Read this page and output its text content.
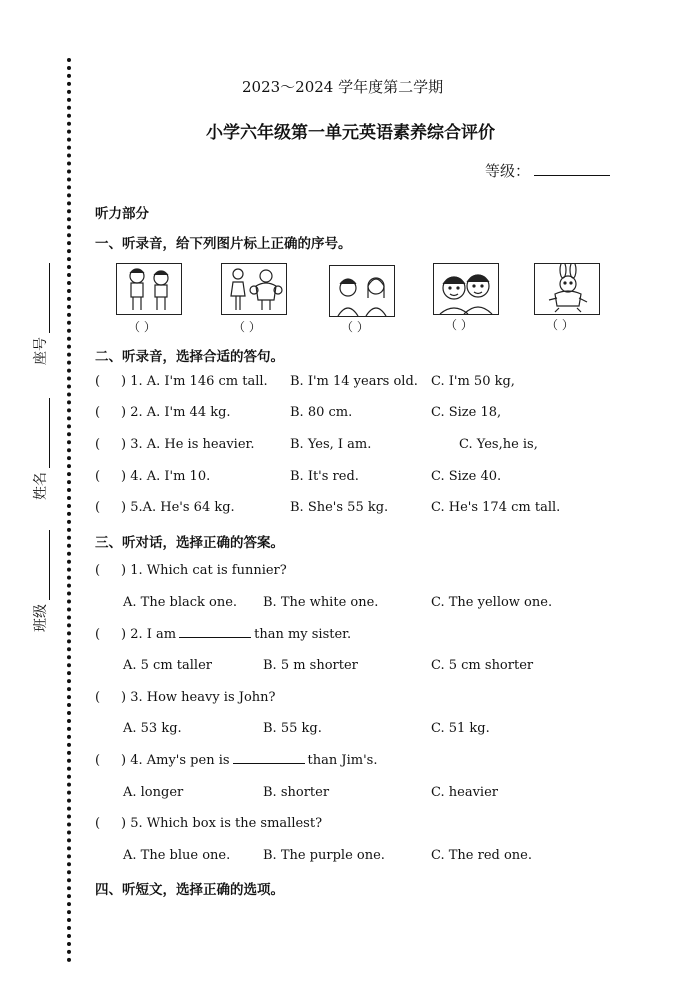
座号
姓名
班级
2023～2024 学年度第二学期
小学六年级第一单元英语素养综合评价
等级：
听力部分
一、听录音，给下列图片标上正确的序号。
（ ）	（ ）	（ ）	（ ）	（ ）
二、听录音，选择合适的答句。
( ) 1. A. I'm 146 cm tall. B. I'm 14 years old. C. I'm 50 kg,
( ) 2. A. I'm 44 kg.	B. 80 cm.	C. Size 18,
( ) 3. A. He is heavier.	B. Yes, I am.	C. Yes,he is,
( ) 4. A. I'm 10.	B. It's red.	C. Size 40.
( ) 5.A. He's 64 kg.	B. She's 55 kg.	C. He's 174 cm tall.
三、听对话，选择正确的答案。
( ) 1. Which cat is funnier?
A. The black one. B. The white one.	C. The yellow one.
( ) 2. I am	than my sister.
A. 5 cm taller	B. 5 m shorter	C. 5 cm shorter
( ) 3. How heavy is John?
A. 53 kg.	B. 55 kg.	C. 51 kg.
( ) 4. Amy's pen is	than Jim's.
A. longer	B. shorter	C. heavier
( ) 5. Which box is the smallest?
A. The blue one.	B. The purple one.	C. The red one.
四、听短文，选择正确的选项。
